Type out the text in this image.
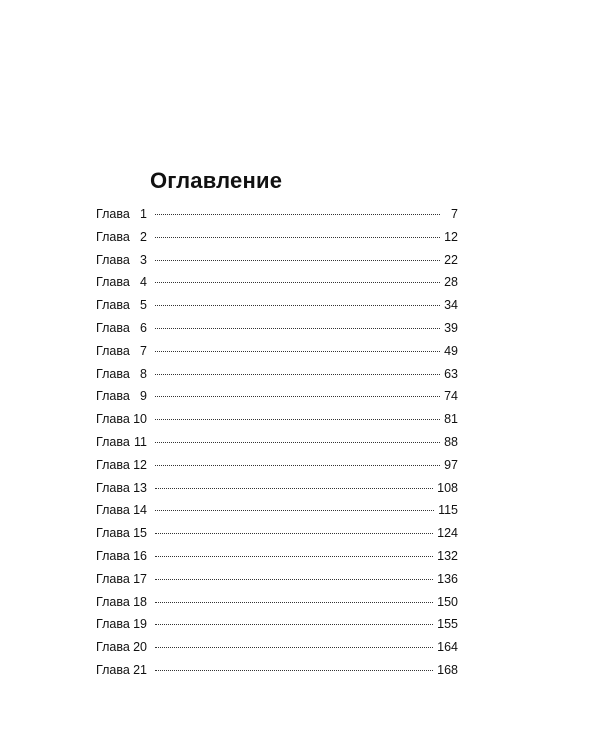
Оглавление
Глава 1	7
Глава 2	12
Глава 3	22
Глава 4	28
Глава 5	34
Глава 6	39
Глава 7	49
Глава 8	63
Глава 9	74
Глава 10	81
Глава 11	88
Глава 12	97
Глава 13	108
Глава 14	115
Глава 15	124
Глава 16	132
Глава 17	136
Глава 18	150
Глава 19	155
Глава 20	164
Глава 21	168
